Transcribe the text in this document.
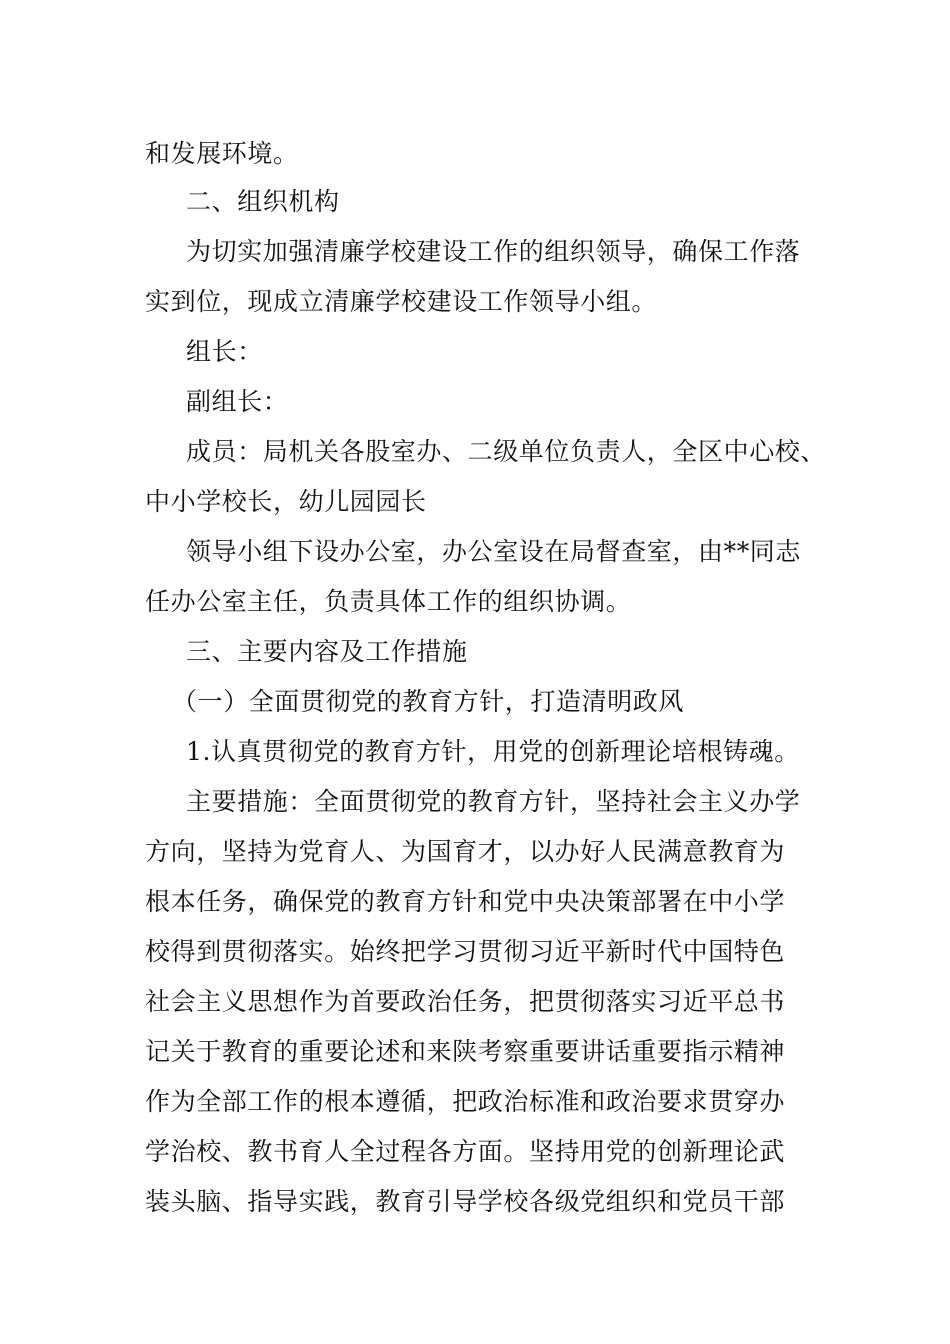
和发展环境。
二、组织机构
为切实加强清廉学校建设工作的组织领导，确保工作落
实到位，现成立清廉学校建设工作领导小组。
组长：
副组长：
成员：局机关各股室办、二级单位负责人，全区中心校、
中小学校长，幼儿园园长
领导小组下设办公室，办公室设在局督查室，由**同志
任办公室主任，负责具体工作的组织协调。
三、主要内容及工作措施
（一）全面贯彻党的教育方针，打造清明政风
1.认真贯彻党的教育方针，用党的创新理论培根铸魂。
主要措施：全面贯彻党的教育方针，坚持社会主义办学
方向，坚持为党育人、为国育才，以办好人民满意教育为
根本任务，确保党的教育方针和党中央决策部署在中小学
校得到贯彻落实。始终把学习贯彻习近平新时代中国特色
社会主义思想作为首要政治任务，把贯彻落实习近平总书
记关于教育的重要论述和来陕考察重要讲话重要指示精神
作为全部工作的根本遵循，把政治标准和政治要求贯穿办
学治校、教书育人全过程各方面。坚持用党的创新理论武
装头脑、指导实践，教育引导学校各级党组织和党员干部
